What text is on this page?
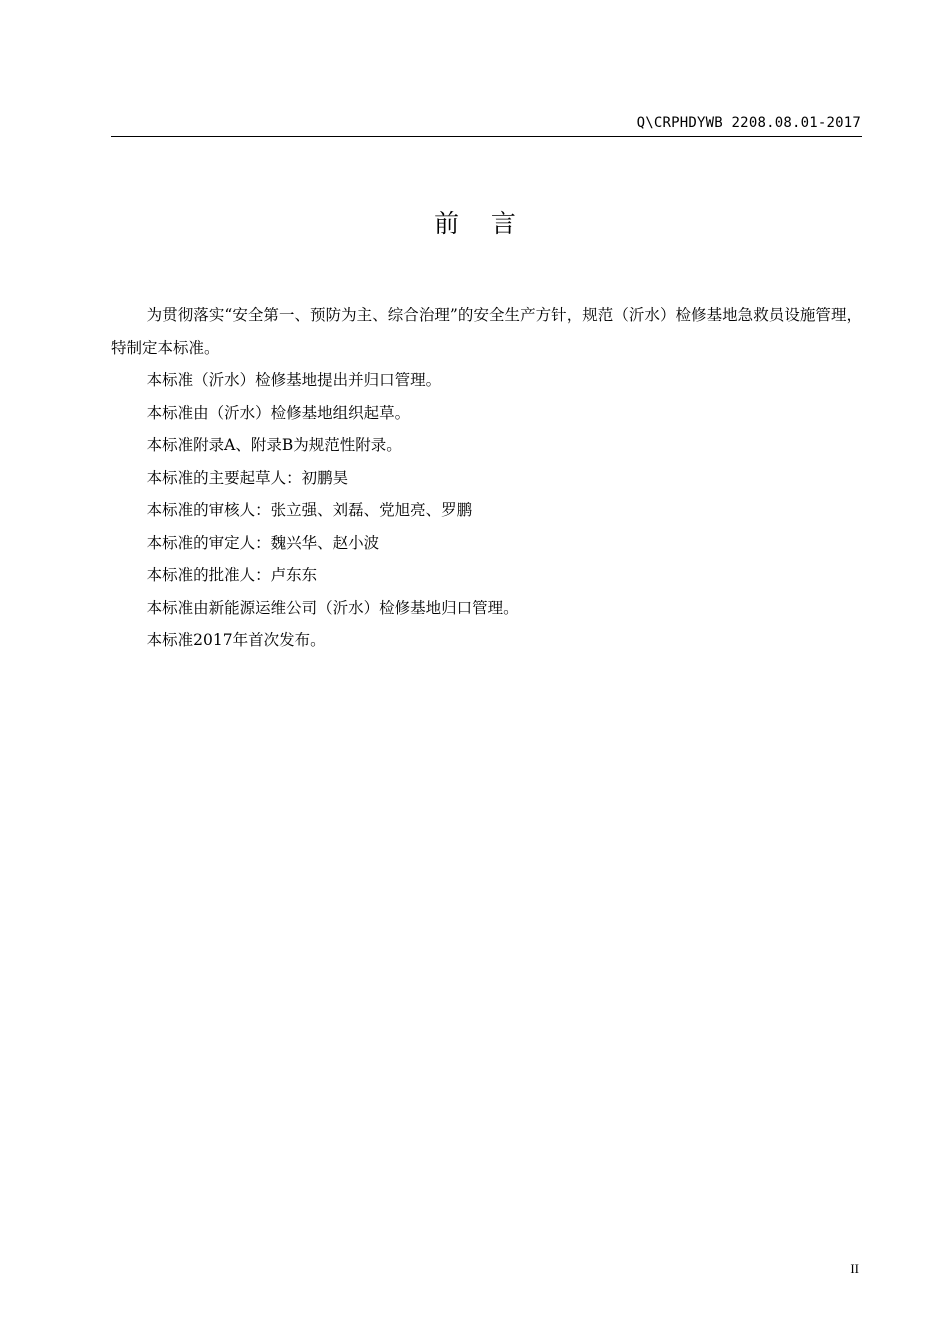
Q\CRPHDYWB 2208.08.01-2017
前    言

为贯彻落实“安全第一、预防为主、综合治理”的安全生产方针，规范（沂水）检修基地急救员设施管理，特制定本标准。

本标准（沂水）检修基地提出并归口管理。

本标准由（沂水）检修基地组织起草。

本标准附录A、附录B为规范性附录。

本标准的主要起草人：初鹏昊

本标准的审核人：张立强、刘磊、党旭亮、罗鹏

本标准的审定人：魏兴华、赵小波

本标准的批准人：卢东东

本标准由新能源运维公司（沂水）检修基地归口管理。

本标准2017年首次发布。

II
